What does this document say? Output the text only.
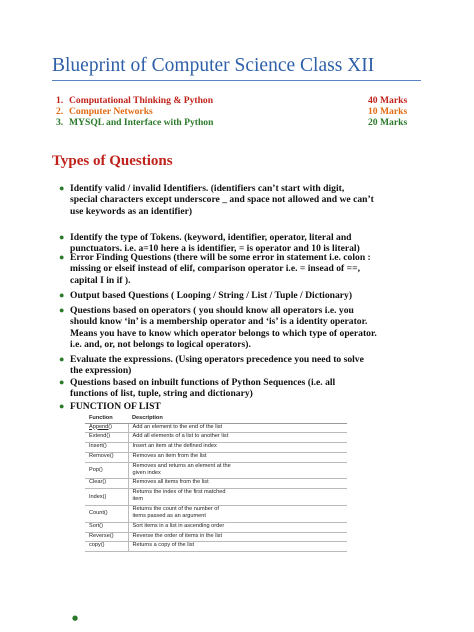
Blueprint of Computer Science Class XII
1. Computational Thinking & Python	40 Marks
2. Computer Networks	10 Marks
3. MYSQL and Interface with Python	20 Marks
Types of Questions
● Identify valid / invalid Identifiers. (identifiers can’t start with digit,
special characters except underscore _ and space not allowed and we can’t
use keywords as an identifier)
● Identify the type of Tokens. (keyword, identifier, operator, literal and
punctuators. i.e. a=10 here a is identifier, = is operator and 10 is literal)
● Error Finding Questions (there will be some error in statement i.e. colon :
missing or elseif instead of elif, comparison operator i.e. = insead of ==,
capital I in if ).
● Output based Questions ( Looping / String / List / Tuple / Dictionary)
● Questions based on operators ( you should know all operators i.e. you
should know ‘in’ is a membership operator and ‘is’ is a identity operator.
Means you have to know which operator belongs to which type of operator.
i.e. and, or, not belongs to logical operators).
● Evaluate the expressions. (Using operators precedence you need to solve
the expression)
● Questions based on inbuilt functions of Python Sequences (i.e. all
functions of list, tuple, string and dictionary)
● FUNCTION OF LIST
Function	Description
Append()	Add an element to the end of the list

Extend()	Add all elements of a list to another list

Insert()	Insert an item at the defined index

Remove()	Removes an item from the list

Pop()	Removes and returns an element at the
given index

Clear()	Removes all items from the list

Index()	Returns the index of the first matched
item

Count()	Returns the count of the number of
items passed as an argument

Sort()	Sort items in a list in ascending order

Reverse()	Reverse the order of items in the list

copy()	Returns a copy of the list
●
